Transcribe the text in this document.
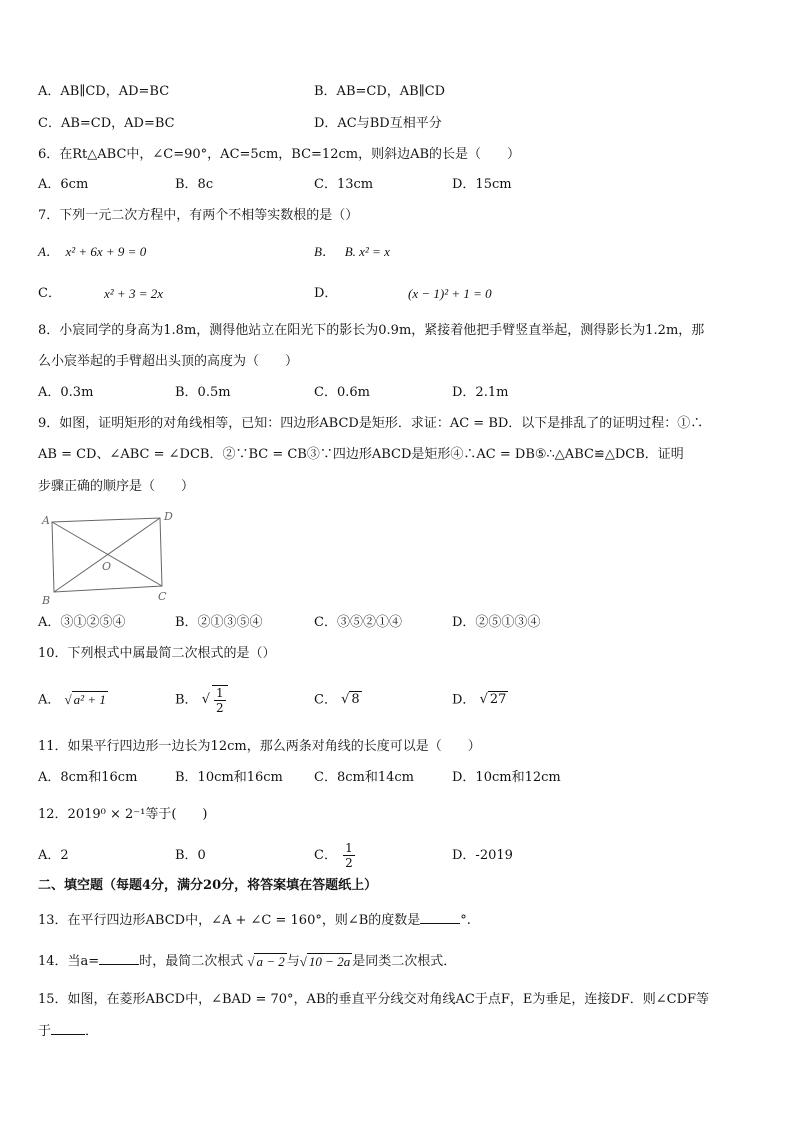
A．AB∥CD，AD=BC	B．AB=CD，AB∥CD
C．AB=CD，AD=BC	D．AC与BD互相平分
6．在Rt△ABC中，∠C=90°，AC=5cm，BC=12cm，则斜边AB的长是（　　）
A．6cm	B．8c	C．13cm	D．15cm
7．下列一元二次方程中，有两个不相等实数根的是（）
A．　x² + 6x + 9 = 0	B．　 B. x² = x
C．	x² + 3 = 2x	D．	(x − 1)² + 1 = 0
8．小宸同学的身高为1.8m，测得他站立在阳光下的影长为0.9m，紧接着他把手臂竖直举起，测得影长为1.2m，那
么小宸举起的手臂超出头顶的高度为（　　）
A．0.3m	B．0.5m	C．0.6m	D．2.1m
9．如图，证明矩形的对角线相等，已知：四边形ABCD是矩形．求证：AC = BD．以下是排乱了的证明过程：①∴
AB = CD、∠ABC = ∠DCB．②∵BC = CB③∵四边形ABCD是矩形④∴AC = DB⑤∴△ABC≌△DCB．证明
步骤正确的顺序是（　　）
A	D
B	C
O
A．③①②⑤④	B．②①③⑤④	C．③⑤②①④	D．②⑤①③④
10．下列根式中属最简二次根式的是（）
A． √ a² + 1	B． √ $\frac{1}{2}$	C． √ 8	D． √ 27
11．如果平行四边形一边长为12cm，那么两条对角线的长度可以是（　　）
A．8cm和16cm	B．10cm和16cm C．8cm和14cm	D．10cm和12cm
12．2019⁰ × 2⁻¹等于(　　)
A．2	B．0	C． $\frac{1}{2}$	D．-2019
二、填空题（每题4分，满分20分，将答案填在答题纸上）
13．在平行四边形ABCD中，∠A + ∠C = 160°，则∠B的度数是	°.
14．当a=	时，最简二次根式 √ a − 2 与√ 10 − 2a 是同类二次根式．
15．如图，在菱形ABCD中，∠BAD = 70°，AB的垂直平分线交对角线AC于点F，E为垂足，连接DF．则∠CDF等
于	．
